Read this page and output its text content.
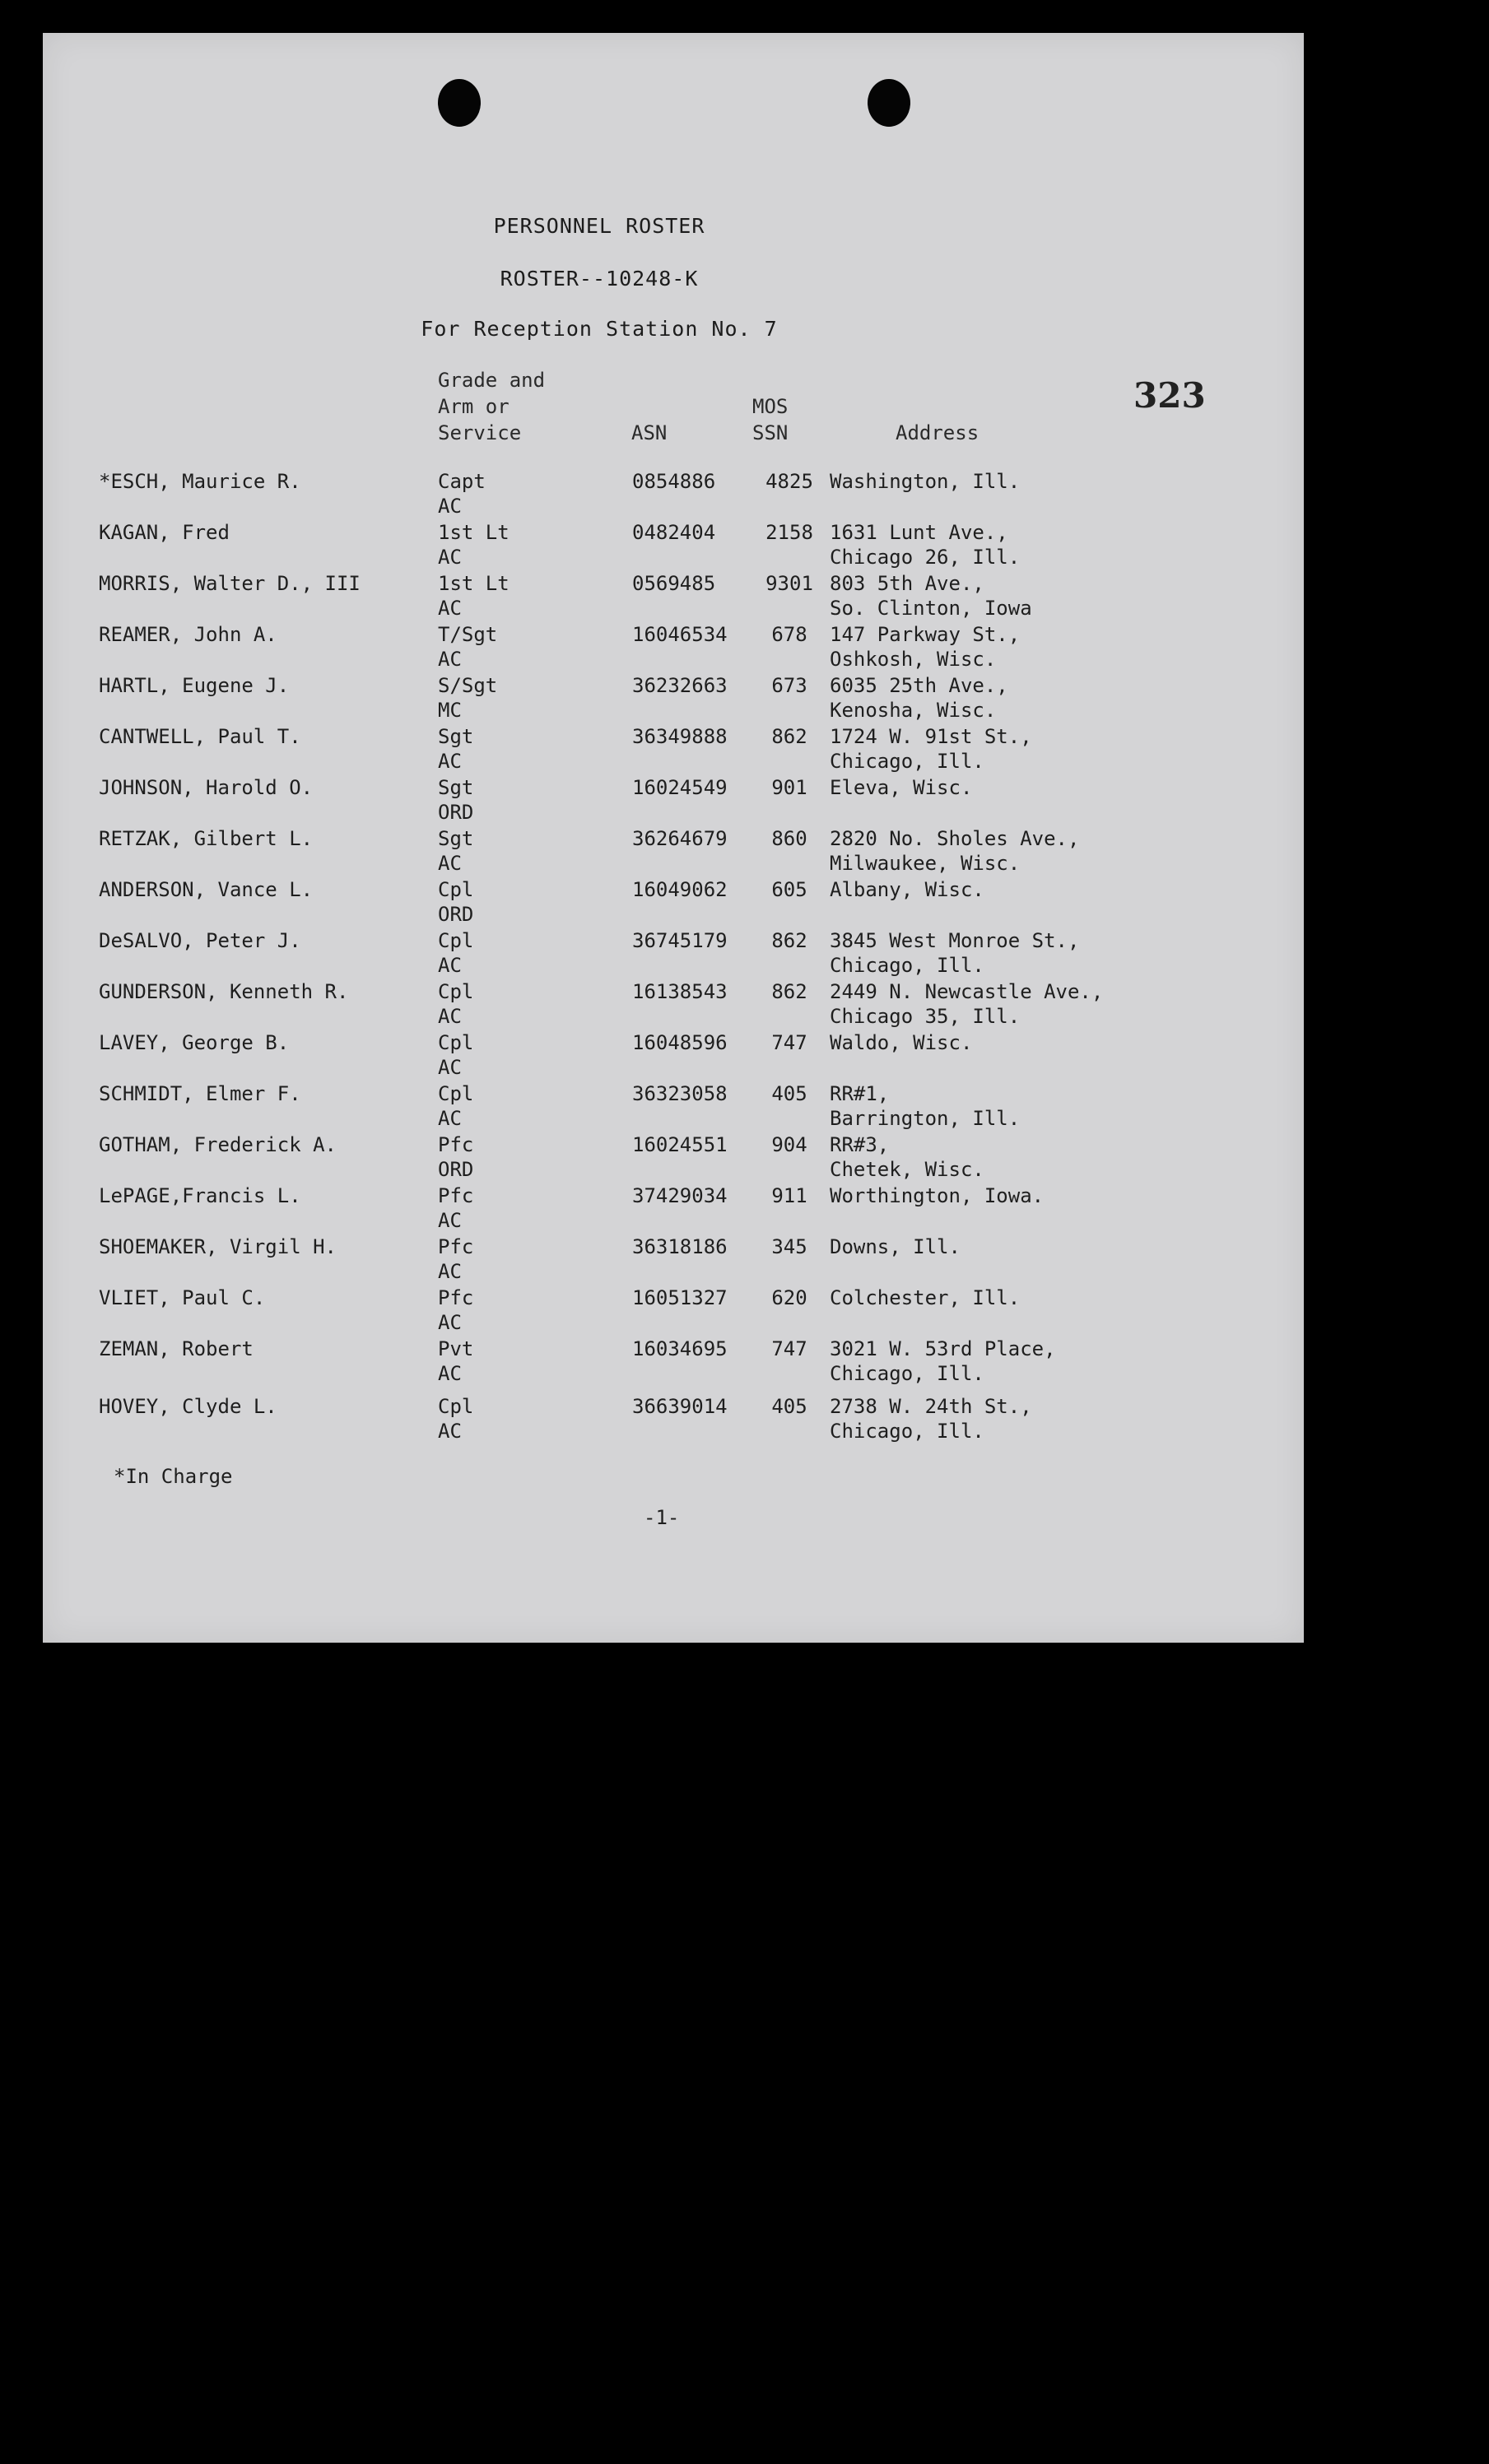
PERSONNEL ROSTER
ROSTER--10248-K
For Reception Station No. 7
323
Grade and
Arm or
Service	ASN
MOS
SSN	Address
*ESCH, Maurice R.	Capt
AC
0854886	4825 Washington, Ill.
KAGAN, Fred	1st Lt
AC
0482404	2158 1631 Lunt Ave.,
Chicago 26, Ill.
MORRIS, Walter D., III	1st Lt
AC
0569485	9301 803 5th Ave.,
So. Clinton, Iowa
REAMER, John A.	T/Sgt
AC
16046534	678	147 Parkway St.,
Oshkosh, Wisc.
HARTL, Eugene J.	S/Sgt
MC
36232663	673	6035 25th Ave.,
Kenosha, Wisc.
CANTWELL, Paul T.	Sgt
AC
36349888	862	1724 W. 91st St.,
Chicago, Ill.
JOHNSON, Harold O.	Sgt
ORD
16024549	901	Eleva, Wisc.
RETZAK, Gilbert L.	Sgt
AC
36264679	860	2820 No. Sholes Ave.,
Milwaukee, Wisc.
ANDERSON, Vance L.	Cpl
ORD
16049062	605	Albany, Wisc.
DeSALVO, Peter J.	Cpl
AC
36745179	862	3845 West Monroe St.,
Chicago, Ill.
GUNDERSON, Kenneth R.	Cpl
AC
16138543	862	2449 N. Newcastle Ave.,
Chicago 35, Ill.
LAVEY, George B.	Cpl
AC
16048596	747	Waldo, Wisc.
SCHMIDT, Elmer F.	Cpl
AC
36323058	405	RR#1,
Barrington, Ill.
GOTHAM, Frederick A.	Pfc
ORD
16024551	904	RR#3,
Chetek, Wisc.
LePAGE,Francis L.	Pfc
AC
37429034	911	Worthington, Iowa.
SHOEMAKER, Virgil H.	Pfc
AC
36318186	345	Downs, Ill.
VLIET, Paul C.	Pfc
AC
16051327	620	Colchester, Ill.
ZEMAN, Robert	Pvt
AC
16034695	747	3021 W. 53rd Place,
Chicago, Ill.
HOVEY, Clyde L.	Cpl
AC
36639014	405	2738 W. 24th St.,
Chicago, Ill.
*In Charge
-1-
